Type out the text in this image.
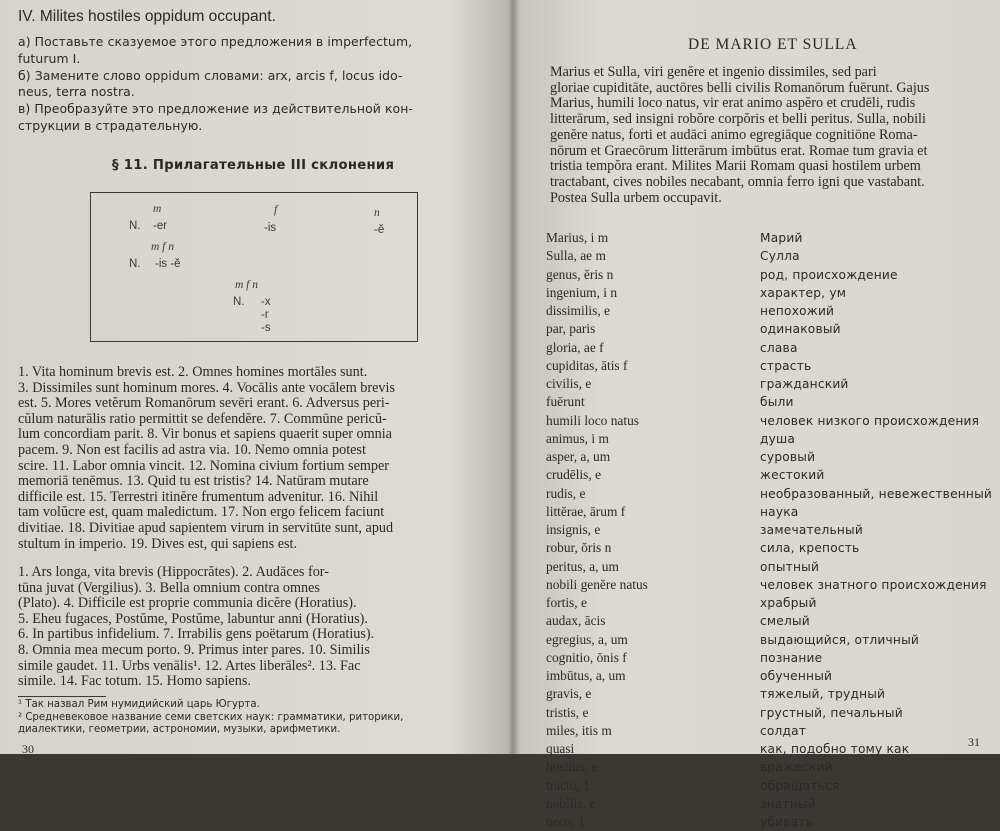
IV. Milites hostiles oppidum occupant.
а) Поставьте сказуемое этого предложения в imperfectum,
futurum I.
б) Замените слово oppidum словами: arx, arcis f, locus ido-
neus, terra nostra.
в) Преобразуйте это предложение из действительной кон-
струкции в страдательную.
§ 11. Прилагательные III склонения
m	f	n
N. -er	-is	-ĕ
m f n
N. -is -ĕ
m f n
N. -x
-r
-s
1. Vita hominum brevis est. 2. Omnes homines mortāles sunt.
3. Dissimiles sunt hominum mores. 4. Vocālis ante vocālem brevis
est. 5. Mores vetĕrum Romanōrum sevēri erant. 6. Adversus peri-
cŭlum naturālis ratio permittit se defendĕre. 7. Commūne pericŭ-
lum concordiam parit. 8. Vir bonus et sapiens quaerit super omnia
pacem. 9. Non est facilis ad astra via. 10. Nemo omnia potest
scire. 11. Labor omnia vincit. 12. Nomina civium fortium semper
memoriā tenēmus. 13. Quid tu est tristis? 14. Natūram mutare
difficile est. 15. Terrestri itinĕre frumentum advenitur. 16. Nihil
tam volŭcre est, quam maledictum. 17. Non ergo felicem faciunt
divitiae. 18. Divitiae apud sapientem virum in servitūte sunt, apud
stultum in imperio. 19. Dives est, qui sapiens est.
1. Ars longa, vita brevis (Hippocrătes). 2. Audāces for-
tūna juvat (Vergilius). 3. Bella omnium contra omnes
(Plato). 4. Difficile est proprie communia dicĕre (Horatius).
5. Eheu fugaces, Postŭme, Postŭme, labuntur anni (Horatius).
6. In partibus infidelium. 7. Irrabilis gens poëtarum (Horatius).
8. Omnia mea mecum porto. 9. Primus inter pares. 10. Similis
simile gaudet. 11. Urbs venālis¹. 12. Artes liberāles². 13. Fac
simile. 14. Fac totum. 15. Homo sapiens.
¹ Так назвал Рим нумидийский царь Югурта.
² Средневековое название семи светских наук: грамматики, риторики,
диалектики, геометрии, астрономии, музыки, арифметики.
30
DE MARIO ET SULLA
Marius et Sulla, viri genĕre et ingenio dissimiles, sed pari
gloriae cupiditāte, auctōres belli civilis Romanōrum fuērunt. Gajus
Marius, humili loco natus, vir erat animo aspĕro et crudēli, rudis
litterārum, sed insigni robŏre corpŏris et belli peritus. Sulla, nobili
genĕre natus, forti et audāci animo egregiāque cognitiōne Roma-
nōrum et Graecōrum litterārum imbūtus erat. Romae tum gravia et
tristia tempŏra erant. Milites Marii Romam quasi hostilem urbem
tractabant, cives nobiles necabant, omnia ferro igni que vastabant.
Postea Sulla urbem occupavit.
Marius, i m	Марий
Sulla, ae m	Сулла
genus, ĕris n	род, происхождение
ingenium, i n	характер, ум
dissimilis, e	непохожий
par, paris	одинаковый
gloria, ae f	слава
cupiditas, ātis f	страсть
civilis, e	гражданский
fuērunt	были
humili loco natus	человек низкого происхождения
animus, i m	душа
asper, a, um	суровый
crudēlis, e	жестокий
rudis, e	необразованный, невежественный
littĕrae, ārum f	наука
insignis, e	замечательный
robur, ŏris n	сила, крепость
peritus, a, um	опытный
nobili genĕre natus	человек знатного происхождения
fortis, e	храбрый
audax, ācis	смелый
egregius, a, um	выдающийся, отличный
cognitio, ōnis f	познание
imbūtus, a, um	обученный
gravis, e	тяжелый, трудный
tristis, e	грустный, печальный
miles, itis m	солдат
quasi	как, подобно тому как
hostilis, e	вражеский
tracto, 1	обращаться
nobilis, e	знатный
neco, 1	убивать
31
